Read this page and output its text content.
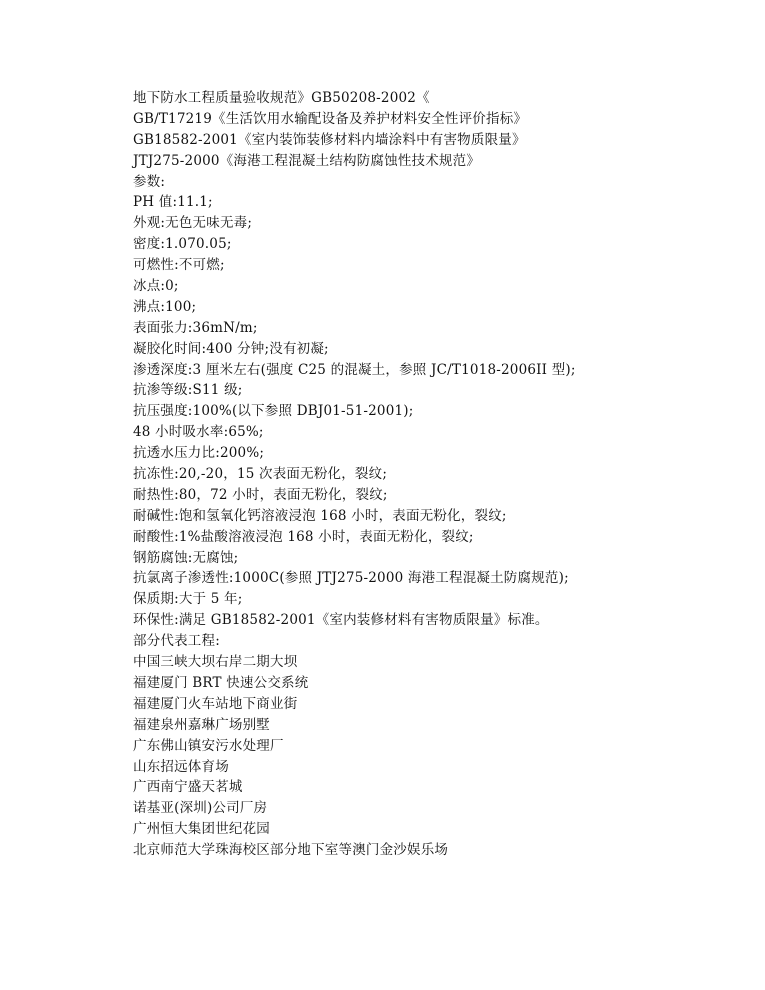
地下防水工程质量验收规范》GB50208-2002《
GB/T17219《生活饮用水输配设备及养护材料安全性评价指标》
GB18582-2001《室内装饰装修材料内墙涂料中有害物质限量》
JTJ275-2000《海港工程混凝土结构防腐蚀性技术规范》
参数:
PH 值:11.1;
外观:无色无味无毒;
密度:1.070.05;
可燃性:不可燃;
冰点:0;
沸点:100;
表面张力:36mN/m;
凝胶化时间:400 分钟;没有初凝;
渗透深度:3 厘米左右(强度 C25 的混凝土，参照 JC/T1018-2006II 型);
抗渗等级:S11 级;
抗压强度:100%(以下参照 DBJ01-51-2001);
48 小时吸水率:65%;
抗透水压力比:200%;
抗冻性:20,-20，15 次表面无粉化，裂纹;
耐热性:80，72 小时，表面无粉化，裂纹;
耐碱性:饱和氢氧化钙溶液浸泡 168 小时，表面无粉化，裂纹;
耐酸性:1%盐酸溶液浸泡 168 小时，表面无粉化，裂纹;
钢筋腐蚀:无腐蚀;
抗氯离子渗透性:1000C(参照 JTJ275-2000 海港工程混凝土防腐规范);
保质期:大于 5 年;
环保性:满足 GB18582-2001《室内装修材料有害物质限量》标准。
部分代表工程:
中国三峡大坝右岸二期大坝
福建厦门 BRT 快速公交系统
福建厦门火车站地下商业街
福建泉州嘉琳广场别墅
广东佛山镇安污水处理厂
山东招远体育场
广西南宁盛天茗城
诺基亚(深圳)公司厂房
广州恒大集团世纪花园
北京师范大学珠海校区部分地下室等澳门金沙娱乐场
